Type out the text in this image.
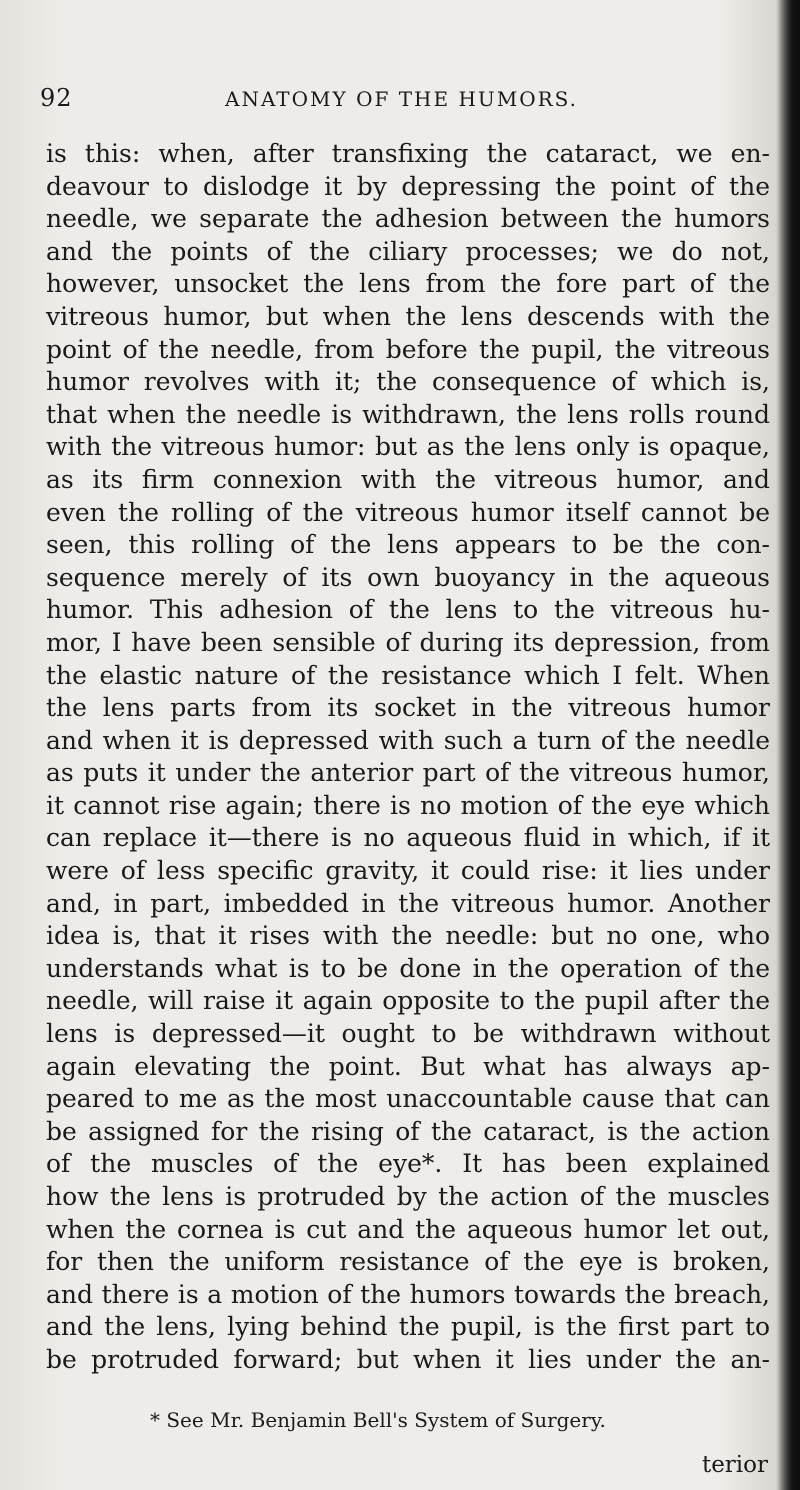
92	ANATOMY OF THE HUMORS.
is this: when, after transfixing the cataract, we en-
deavour to dislodge it by depressing the point of the
needle, we separate the adhesion between the humors
and the points of the ciliary processes; we do not,
however, unsocket the lens from the fore part of the
vitreous humor, but when the lens descends with the
point of the needle, from before the pupil, the vitreous
humor revolves with it; the consequence of which is,
that when the needle is withdrawn, the lens rolls round
with the vitreous humor: but as the lens only is opaque,
as its firm connexion with the vitreous humor, and
even the rolling of the vitreous humor itself cannot be
seen, this rolling of the lens appears to be the con-
sequence merely of its own buoyancy in the aqueous
humor. This adhesion of the lens to the vitreous hu-
mor, I have been sensible of during its depression, from
the elastic nature of the resistance which I felt. When
the lens parts from its socket in the vitreous humor
and when it is depressed with such a turn of the needle
as puts it under the anterior part of the vitreous humor,
it cannot rise again; there is no motion of the eye which
can replace it—there is no aqueous fluid in which, if it
were of less specific gravity, it could rise: it lies under
and, in part, imbedded in the vitreous humor. Another
idea is, that it rises with the needle: but no one, who
understands what is to be done in the operation of the
needle, will raise it again opposite to the pupil after the
lens is depressed—it ought to be withdrawn without
again elevating the point. But what has always ap-
peared to me as the most unaccountable cause that can
be assigned for the rising of the cataract, is the action
of the muscles of the eye*. It has been explained
how the lens is protruded by the action of the muscles
when the cornea is cut and the aqueous humor let out,
for then the uniform resistance of the eye is broken,
and there is a motion of the humors towards the breach,
and the lens, lying behind the pupil, is the first part to
be protruded forward; but when it lies under the an-
* See Mr. Benjamin Bell's System of Surgery.
terior
